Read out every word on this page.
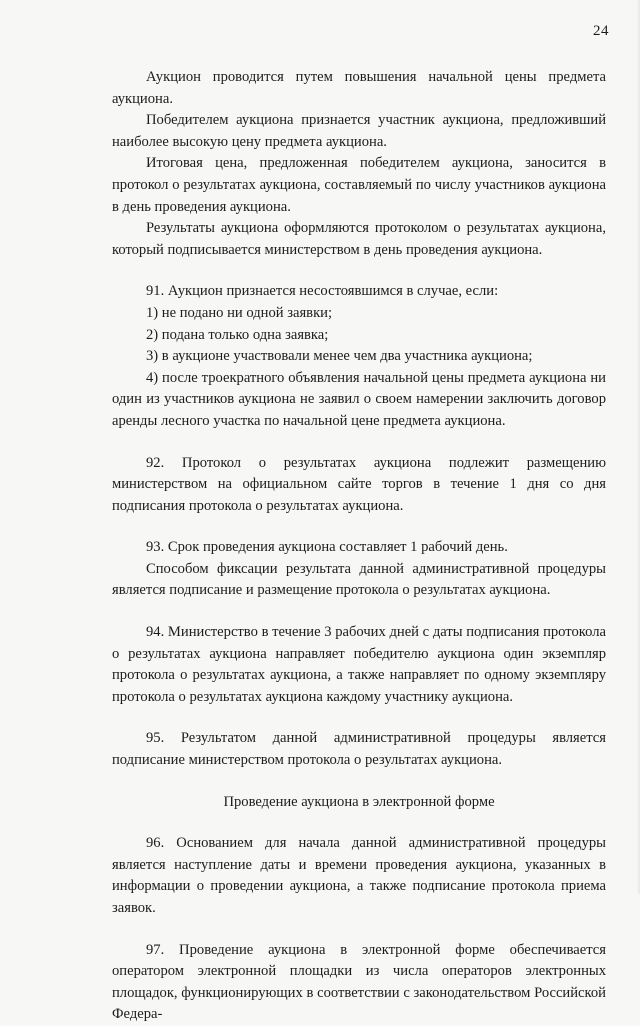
24

Аукцион проводится путем повышения начальной цены предмета аукциона.

Победителем аукциона признается участник аукциона, предложивший наиболее высокую цену предмета аукциона.

Итоговая цена, предложенная победителем аукциона, заносится в протокол о результатах аукциона, составляемый по числу участников аукциона в день проведения аукциона.

Результаты аукциона оформляются протоколом о результатах аукциона, который подписывается министерством в день проведения аукциона.

91. Аукцион признается несостоявшимся в случае, если:

1) не подано ни одной заявки;

2) подана только одна заявка;

3) в аукционе участвовали менее чем два участника аукциона;

4) после троекратного объявления начальной цены предмета аукциона ни один из участников аукциона не заявил о своем намерении заключить договор аренды лесного участка по начальной цене предмета аукциона.

92. Протокол о результатах аукциона подлежит размещению министерством на официальном сайте торгов в течение 1 дня со дня подписания протокола о результатах аукциона.

93. Срок проведения аукциона составляет 1 рабочий день.

Способом фиксации результата данной административной процедуры является подписание и размещение протокола о результатах аукциона.

94. Министерство в течение 3 рабочих дней с даты подписания протокола о результатах аукциона направляет победителю аукциона один экземпляр протокола о результатах аукциона, а также направляет по одному экземпляру протокола о результатах аукциона каждому участнику аукциона.

95. Результатом данной административной процедуры является подписание министерством протокола о результатах аукциона.

Проведение аукциона в электронной форме

96. Основанием для начала данной административной процедуры является наступление даты и времени проведения аукциона, указанных в информации о проведении аукциона, а также подписание протокола приема заявок.

97. Проведение аукциона в электронной форме обеспечивается оператором электронной площадки из числа операторов электронных площадок, функционирующих в соответствии с законодательством Российской Федера-
